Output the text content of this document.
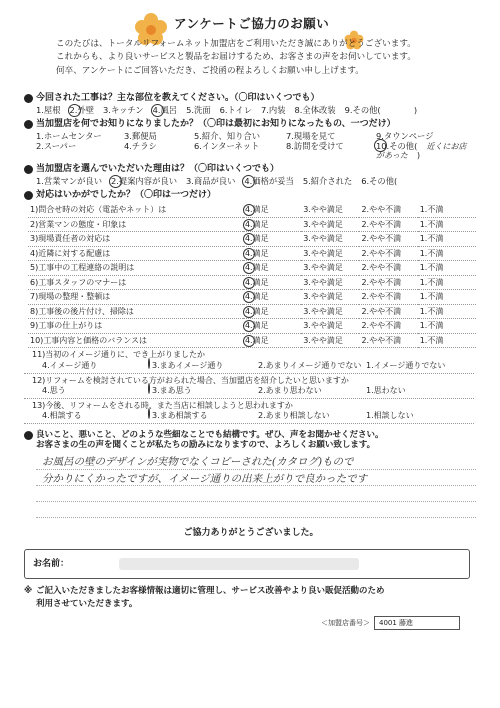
アンケートご協力のお願い
このたびは、トータルリフォームネット加盟店をご利用いただき誠にありがとうございます。
これからも、より良いサービスと製品をお届けするため、お客さまの声をお伺いしています。
何卒、アンケートにご回答いただき、ご投函の程よろしくお願い申し上げます。
今回された工事は？主な部位を教えてください。（〇印はいくつでも）
1.屋根 2.外壁 3.キッチン 4.風呂 5.洗面 6.トイレ 7.内装 8.全体改装 9.その他(　　　　)
当加盟店を何でお知りになりましたか？（〇印は最初にお知りになったもの、一つだけ）
1.ホームセンター	3.郵便局	5.紹介、知り合い	7.現場を見て	9.タウンページ
2.スーパー	4.チラシ	6.インターネット	8.訪問を受けて	10.その他( 近くにお店があった )
当加盟店を選んでいただいた理由は？（〇印はいくつでも）
1.営業マンが良い 2.提案内容が良い 3.商品が良い 4.価格が妥当 5.紹介された 6.その他(
対応はいかがでしたか？（〇印は一つだけ）
1)問合せ時の対応（電話やネット）は	4.満足	3.やや満足	2.やや不満	1.不満
2)営業マンの態度・印象は	4.満足	3.やや満足	2.やや不満	1.不満
3)現場責任者の対応は	4.満足	3.やや満足	2.やや不満	1.不満
4)近隣に対する配慮は	4.満足	3.やや満足	2.やや不満	1.不満
5)工事中の工程連絡の説明は	4.満足	3.やや満足	2.やや不満	1.不満
6)工事スタッフのマナーは	4.満足	3.やや満足	2.やや不満	1.不満
7)現場の整理・整頓は	4.満足	3.やや満足	2.やや不満	1.不満
8)工事後の後片付け、掃除は	4.満足	3.やや満足	2.やや不満	1.不満
9)工事の仕上がりは	4.満足	3.やや満足	2.やや不満	1.不満
10)工事内容と価格のバランスは	4.満足	3.やや満足	2.やや不満	1.不満
11)当初のイメージ通りに、でき上がりましたか
4.イメージ通り	3.まあイメージ通り	2.あまりイメージ通りでない 1.イメージ通りでない
12)リフォームを検討されている方がおられた場合、当加盟店を紹介したいと思いますか
4.思う	3.まあ思う	2.あまり思わない	1.思わない
13)今後、リフォームをされる時、また当店に相談しようと思われますか
4.相談する	3.まあ相談する	2.あまり相談しない	1.相談しない
良いこと、悪いこと、どのような些細なことでも結構です。ぜひ、声をお聞かせください。
お客さまの生の声を聞くことが私たちの励みになりますので、よろしくお願い致します。
お風呂の壁のデザインが実物でなくコピーされた(カタログ)もので
分かりにくかったですが、イメージ通りの出来上がりで良かったです
ご協力ありがとうございました。
お名前：
※ ご記入いただきましたお客様情報は適切に管理し、サービス改善やより良い販促活動のため
利用させていただきます。
＜加盟店番号＞	4001 藤進
